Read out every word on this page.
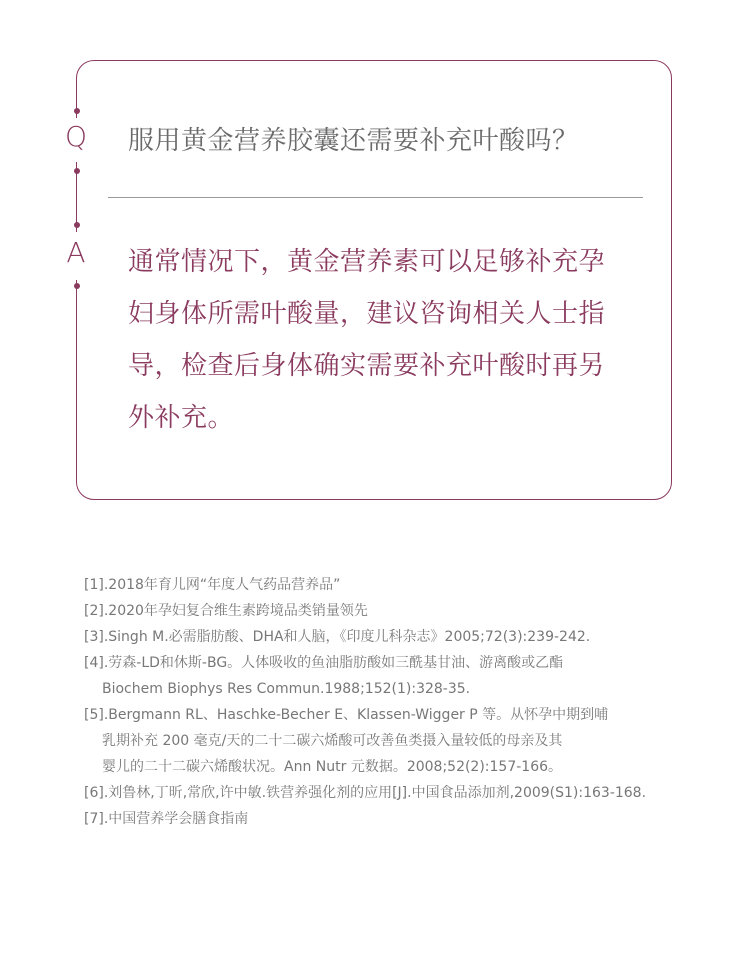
Q
A
服用黄金营养胶囊还需要补充叶酸吗？
通常情况下，黄金营养素可以足够补充孕妇身体所需叶酸量，建议咨询相关人士指导，检查后身体确实需要补充叶酸时再另外补充。
[1].2018年育儿网“年度人气药品营养品”
[2].2020年孕妇复合维生素跨境品类销量领先
[3].Singh M.必需脂肪酸、DHA和人脑，《印度儿科杂志》2005;72(3):239-242.
[4].劳森-LD和休斯-BG。人体吸收的鱼油脂肪酸如三酰基甘油、游离酸或乙酯
Biochem Biophys Res Commun.1988;152(1):328-35.
[5].Bergmann RL、Haschke-Becher E、Klassen-Wigger P 等。从怀孕中期到哺
乳期补充 200 毫克/天的二十二碳六烯酸可改善鱼类摄入量较低的母亲及其
婴儿的二十二碳六烯酸状况。Ann Nutr 元数据。2008;52(2):157-166。
[6].刘鲁林,丁昕,常欣,许中敏.铁营养强化剂的应用[J].中国食品添加剂,2009(S1):163-168.
[7].中国营养学会膳食指南
